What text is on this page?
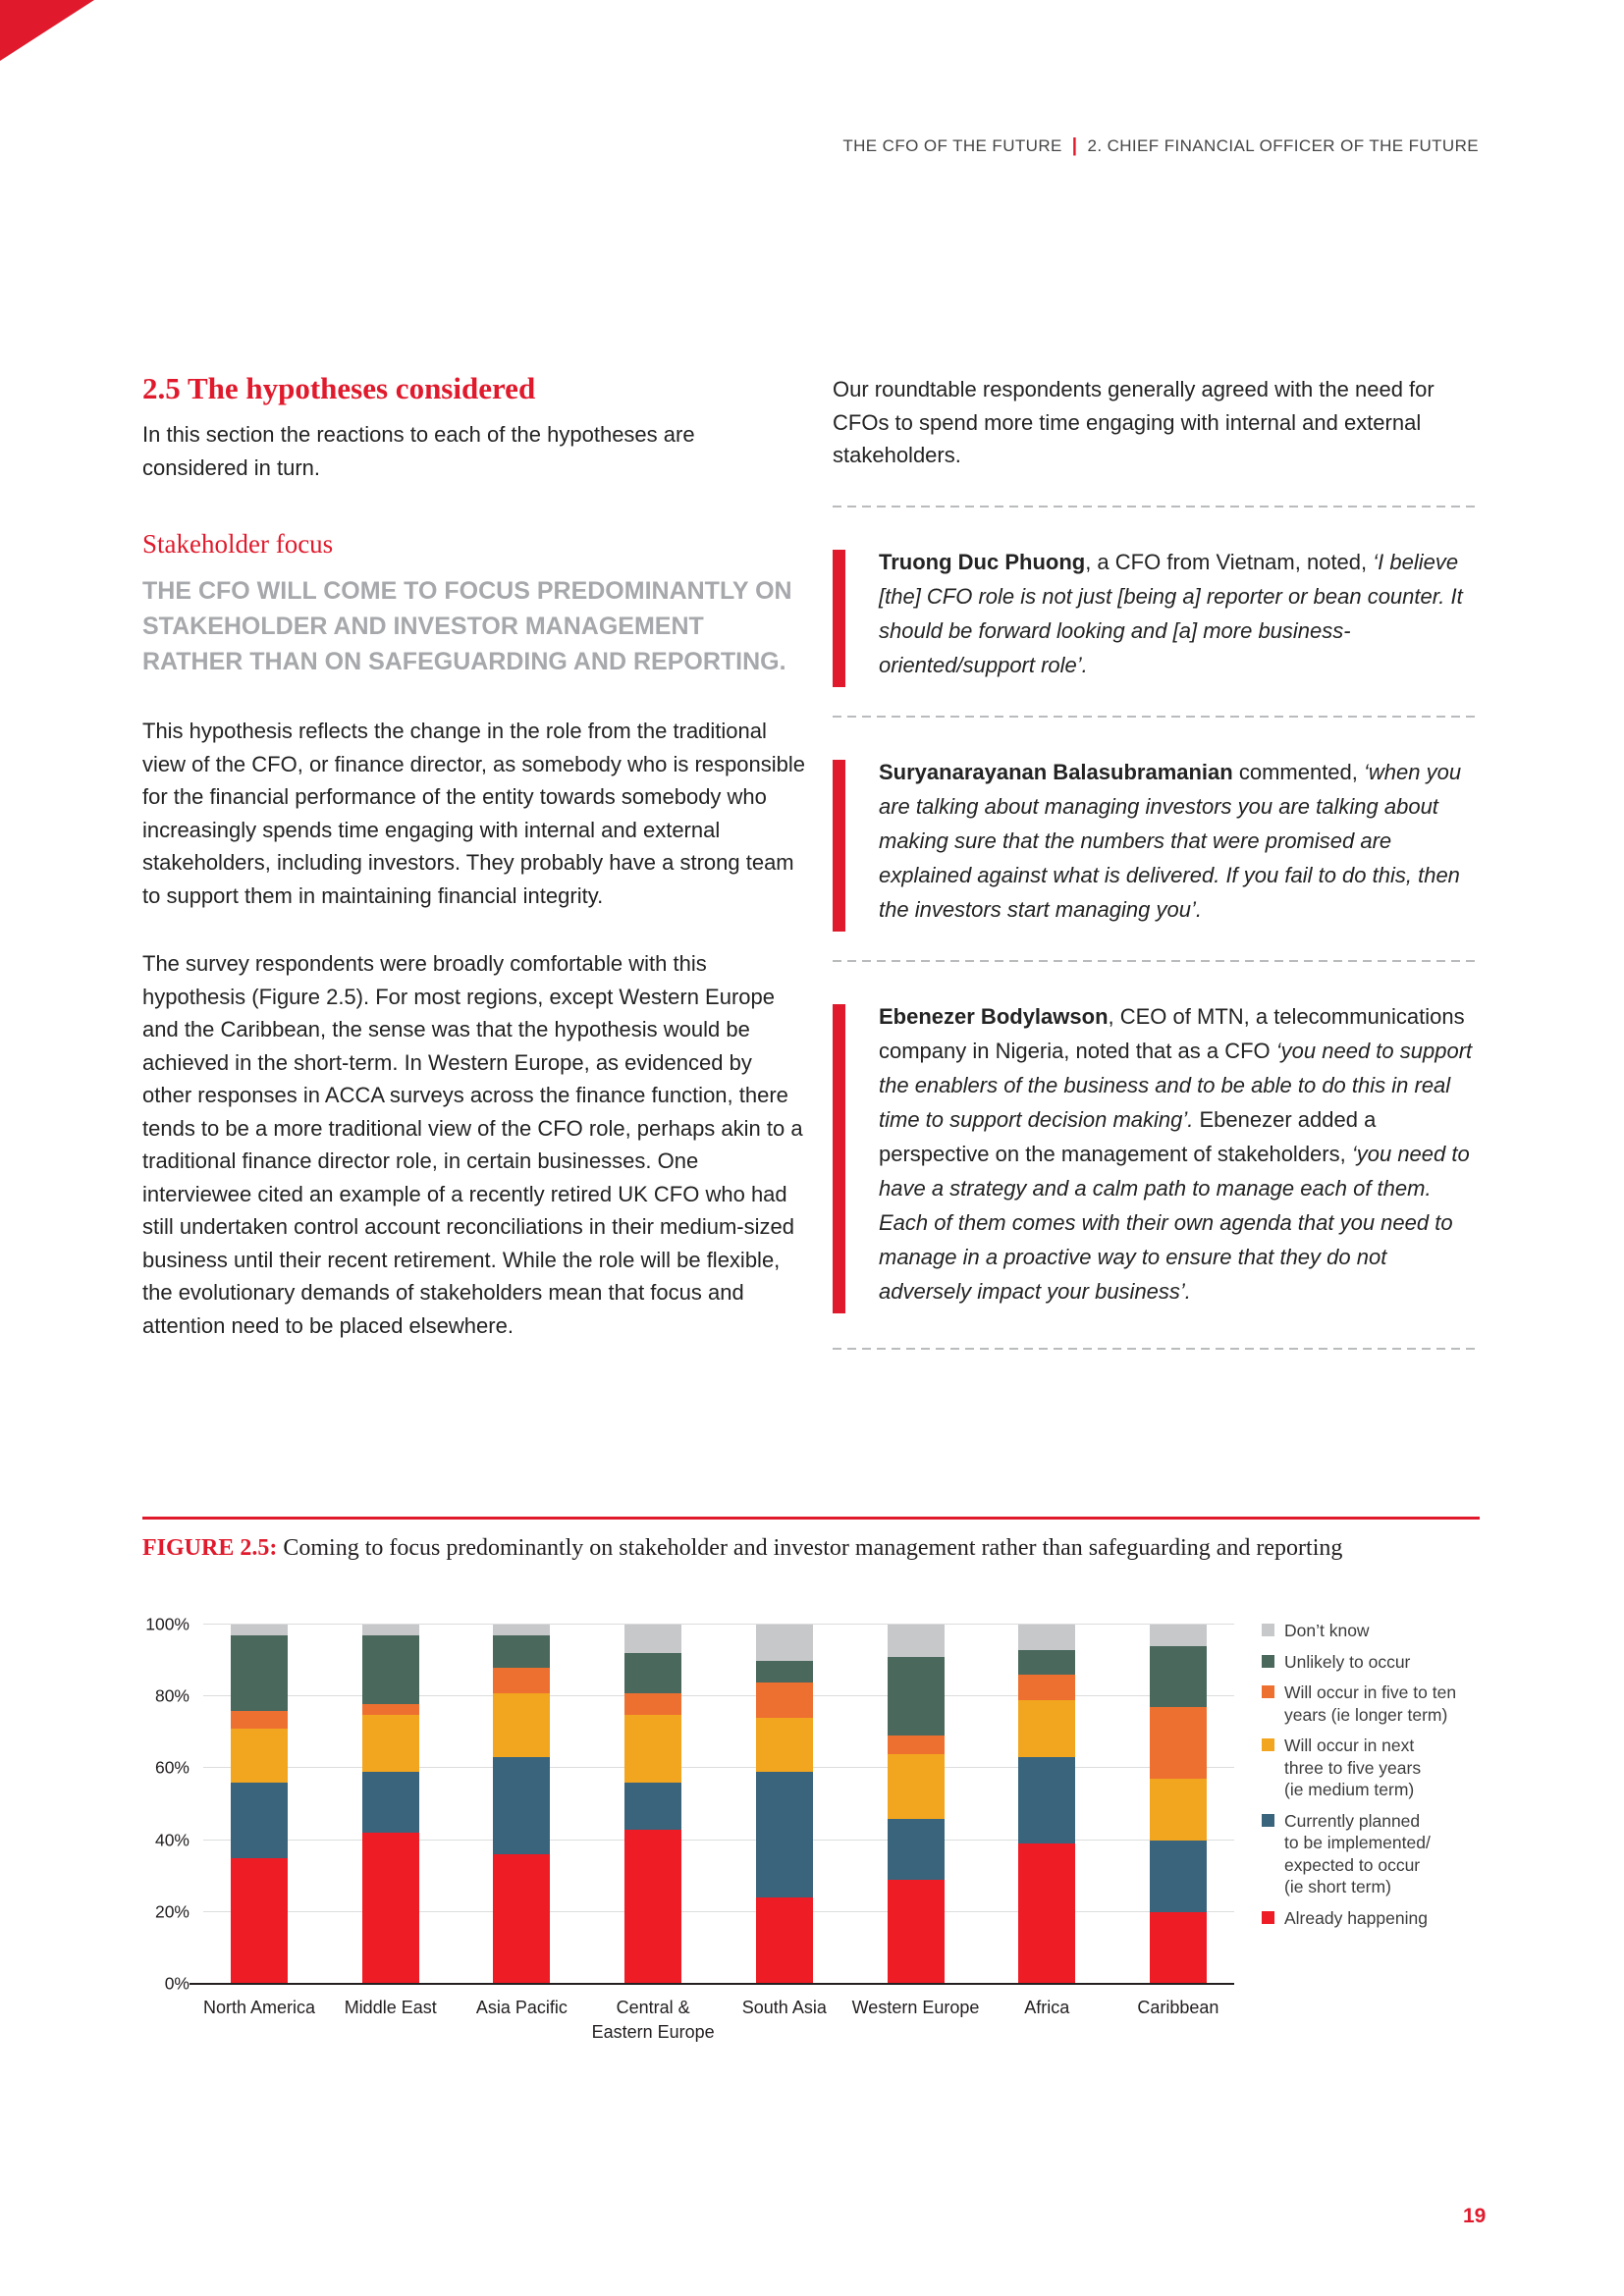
THE CFO OF THE FUTURE | 2. CHIEF FINANCIAL OFFICER OF THE FUTURE
2.5 The hypotheses considered

In this section the reactions to each of the hypotheses are considered in turn.

Stakeholder focus

THE CFO WILL COME TO FOCUS PREDOMINANTLY ON STAKEHOLDER AND INVESTOR MANAGEMENT RATHER THAN ON SAFEGUARDING AND REPORTING.

This hypothesis reflects the change in the role from the traditional view of the CFO, or finance director, as somebody who is responsible for the financial performance of the entity towards somebody who increasingly spends time engaging with internal and external stakeholders, including investors. They probably have a strong team to support them in maintaining financial integrity.

The survey respondents were broadly comfortable with this hypothesis (Figure 2.5). For most regions, except Western Europe and the Caribbean, the sense was that the hypothesis would be achieved in the short-term. In Western Europe, as evidenced by other responses in ACCA surveys across the finance function, there tends to be a more traditional view of the CFO role, perhaps akin to a traditional finance director role, in certain businesses. One interviewee cited an example of a recently retired UK CFO who had still undertaken control account reconciliations in their medium-sized business until their recent retirement. While the role will be flexible, the evolutionary demands of stakeholders mean that focus and attention need to be placed elsewhere.

Our roundtable respondents generally agreed with the need for CFOs to spend more time engaging with internal and external stakeholders.

Truong Duc Phuong, a CFO from Vietnam, noted, ‘I believe [the] CFO role is not just [being a] reporter or bean counter. It should be forward looking and [a] more business-oriented/support role’.

Suryanarayanan Balasubramanian commented, ‘when you are talking about managing investors you are talking about making sure that the numbers that were promised are explained against what is delivered. If you fail to do this, then the investors start managing you’.

Ebenezer Bodylawson, CEO of MTN, a telecommunications company in Nigeria, noted that as a CFO ‘you need to support the enablers of the business and to be able to do this in real time to support decision making’. Ebenezer added a perspective on the management of stakeholders, ‘you need to have a strategy and a calm path to manage each of them. Each of them comes with their own agenda that you need to manage in a proactive way to ensure that they do not adversely impact your business’.

FIGURE 2.5: Coming to focus predominantly on stakeholder and investor management rather than safeguarding and reporting
0%
20%
40%
60%
80%
100%
North America Middle East Asia Pacific	Central &
Eastern Europe
South Asia Western Europe	Africa	Caribbean
Don’t know
Unlikely to occur
Will occur in five to ten
years (ie longer term)
Will occur in next
three to five years
(ie medium term)
Currently planned
to be implemented/
expected to occur
(ie short term)
Already happening
19
